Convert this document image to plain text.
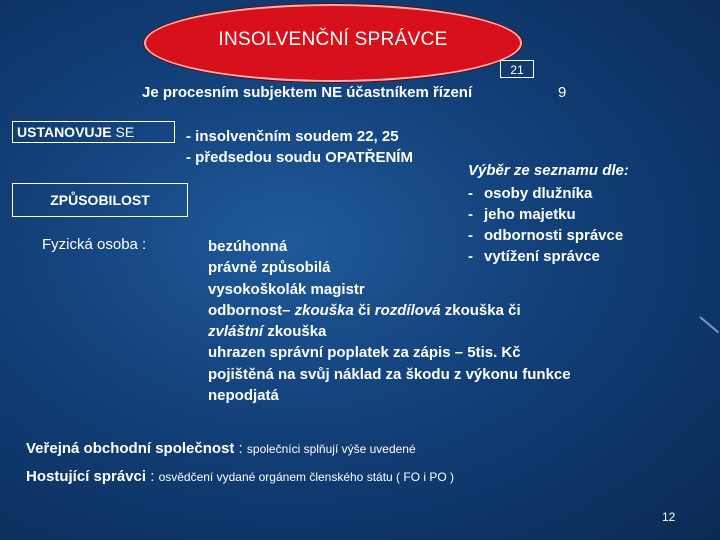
INSOLVENČNÍ SPRÁVCE
21
Je procesním subjektem NE účastníkem řízení	9
USTANOVUJE SE	- insolvenčním soudem 22, 25
- předsedou soudu OPATŘENÍM
ZPŮSOBILOST
Fyzická osoba :
Výběr ze seznamu dle:
- osoby dlužníka
- jeho majetku
- odbornosti správce
- vytížení správce
bezúhonná
právně způsobilá
vysokoškolák magistr
odbornost– zkouška či rozdílová zkouška či
zvláštní zkouška
uhrazen správní poplatek za zápis – 5tis. Kč
pojištěná na svůj náklad za škodu z výkonu funkce
nepodjatá
Veřejná obchodní společnost : společníci splňují výše uvedené
Hostující správci : osvědčení vydané orgánem členského státu ( FO i PO )
12
